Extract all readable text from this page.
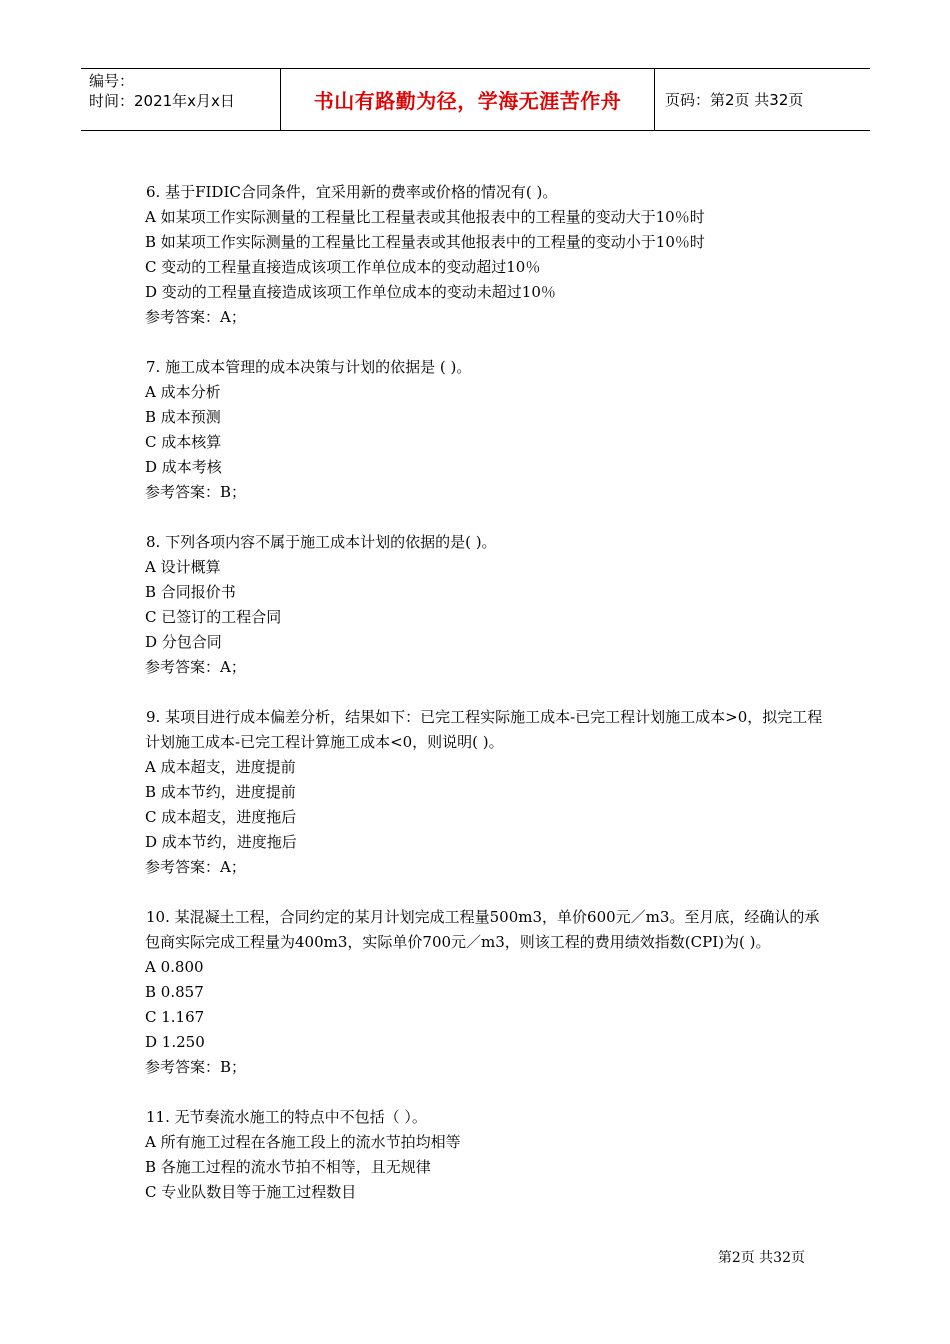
编号：
时间：2021年x月x日	书山有路勤为径，学海无涯苦作舟	页码：第2页 共32页

6. 基于FIDIC合同条件，宜采用新的费率或价格的情况有( )。

A 如某项工作实际测量的工程量比工程量表或其他报表中的工程量的变动大于10％时

B 如某项工作实际测量的工程量比工程量表或其他报表中的工程量的变动小于10％时

C 变动的工程量直接造成该项工作单位成本的变动超过10％

D 变动的工程量直接造成该项工作单位成本的变动未超过10％

参考答案：A；

7. 施工成本管理的成本决策与计划的依据是 ( )。

A 成本分析

B 成本预测

C 成本核算

D 成本考核

参考答案：B；

8. 下列各项内容不属于施工成本计划的依据的是( )。

A 设计概算

B 合同报价书

C 已签订的工程合同

D 分包合同

参考答案：A；

9. 某项目进行成本偏差分析，结果如下：已完工程实际施工成本-已完工程计划施工成本>0，拟完工程计划施工成本-已完工程计算施工成本<0，则说明( )。

A 成本超支，进度提前

B 成本节约，进度提前

C 成本超支，进度拖后

D 成本节约，进度拖后

参考答案：A；

10. 某混凝土工程，合同约定的某月计划完成工程量500m3，单价600元／m3。至月底，经确认的承包商实际完成工程量为400m3，实际单价700元／m3，则该工程的费用绩效指数(CPI)为( )。

A 0.800

B 0.857

C 1.167

D 1.250

参考答案：B；

11. 无节奏流水施工的特点中不包括（ ）。

A 所有施工过程在各施工段上的流水节拍均相等

B 各施工过程的流水节拍不相等，且无规律

C 专业队数目等于施工过程数目

第2页 共32页
